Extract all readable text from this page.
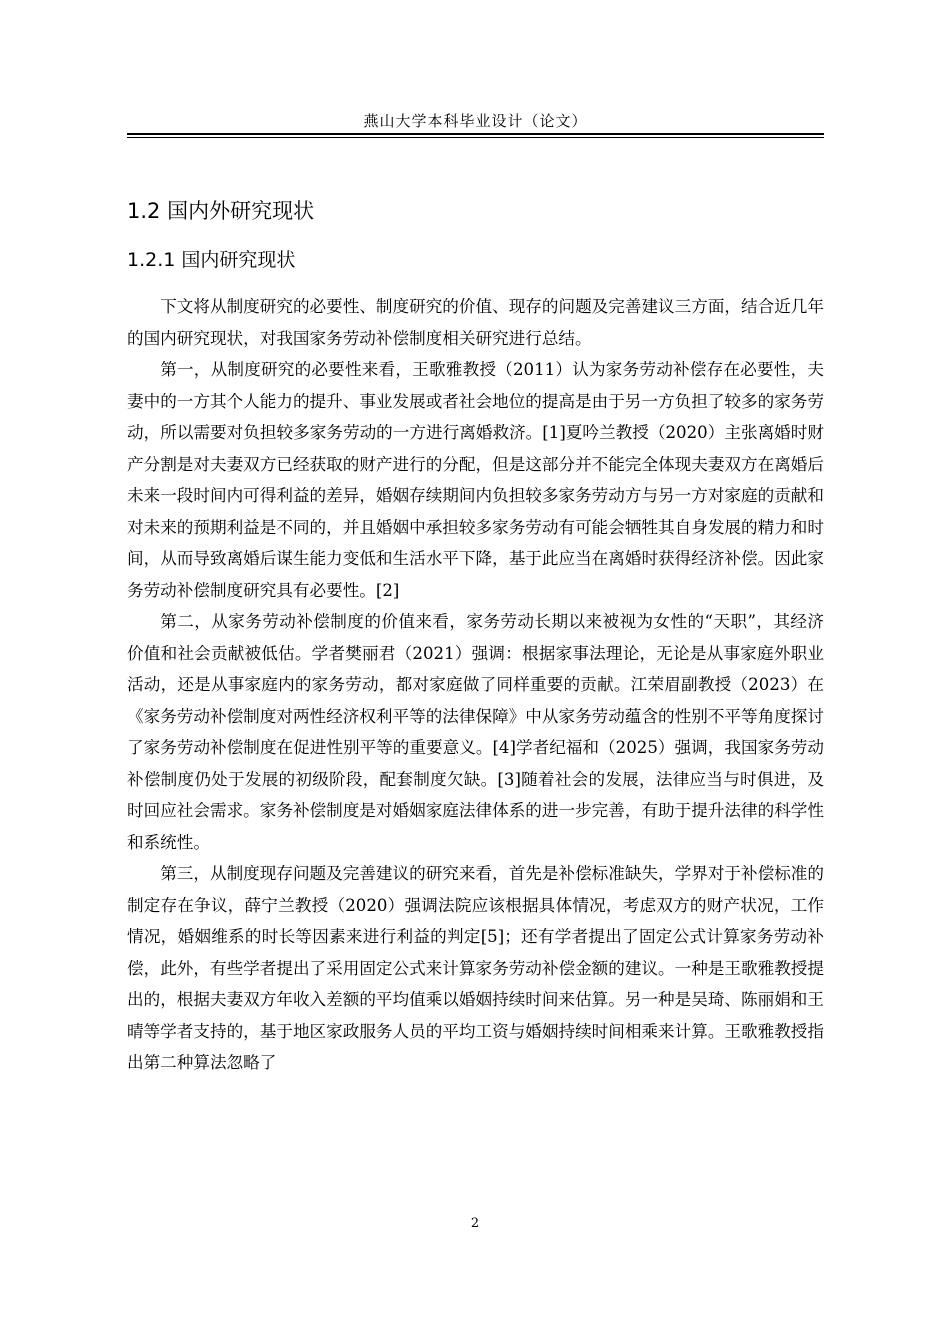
燕山大学本科毕业设计（论文）
1.2 国内外研究现状
1.2.1 国内研究现状

下文将从制度研究的必要性、制度研究的价值、现存的问题及完善建议三方面，结合近几年的国内研究现状，对我国家务劳动补偿制度相关研究进行总结。

第一，从制度研究的必要性来看，王歌雅教授（2011）认为家务劳动补偿存在必要性，夫妻中的一方其个人能力的提升、事业发展或者社会地位的提高是由于另一方负担了较多的家务劳动，所以需要对负担较多家务劳动的一方进行离婚救济。[1]夏吟兰教授（2020）主张离婚时财产分割是对夫妻双方已经获取的财产进行的分配，但是这部分并不能完全体现夫妻双方在离婚后未来一段时间内可得利益的差异，婚姻存续期间内负担较多家务劳动方与另一方对家庭的贡献和对未来的预期利益是不同的，并且婚姻中承担较多家务劳动有可能会牺牲其自身发展的精力和时间，从而导致离婚后谋生能力变低和生活水平下降，基于此应当在离婚时获得经济补偿。因此家务劳动补偿制度研究具有必要性。[2]

第二，从家务劳动补偿制度的价值来看，家务劳动长期以来被视为女性的“天职”，其经济价值和社会贡献被低估。学者樊丽君（2021）强调：根据家事法理论，无论是从事家庭外职业活动，还是从事家庭内的家务劳动，都对家庭做了同样重要的贡献。江荣眉副教授（2023）在《家务劳动补偿制度对两性经济权利平等的法律保障》中从家务劳动蕴含的性别不平等角度探讨了家务劳动补偿制度在促进性别平等的重要意义。[4]学者纪福和（2025）强调，我国家务劳动补偿制度仍处于发展的初级阶段，配套制度欠缺。[3]随着社会的发展，法律应当与时俱进，及时回应社会需求。家务补偿制度是对婚姻家庭法律体系的进一步完善，有助于提升法律的科学性和系统性。

第三，从制度现存问题及完善建议的研究来看，首先是补偿标准缺失，学界对于补偿标准的制定存在争议，薛宁兰教授（2020）强调法院应该根据具体情况，考虑双方的财产状况，工作情况，婚姻维系的时长等因素来进行利益的判定[5]；还有学者提出了固定公式计算家务劳动补偿，此外，有些学者提出了采用固定公式来计算家务劳动补偿金额的建议。一种是王歌雅教授提出的，根据夫妻双方年收入差额的平均值乘以婚姻持续时间来估算。另一种是吴琦、陈丽娟和王晴等学者支持的，基于地区家政服务人员的平均工资与婚姻持续时间相乘来计算。王歌雅教授指出第二种算法忽略了

2
